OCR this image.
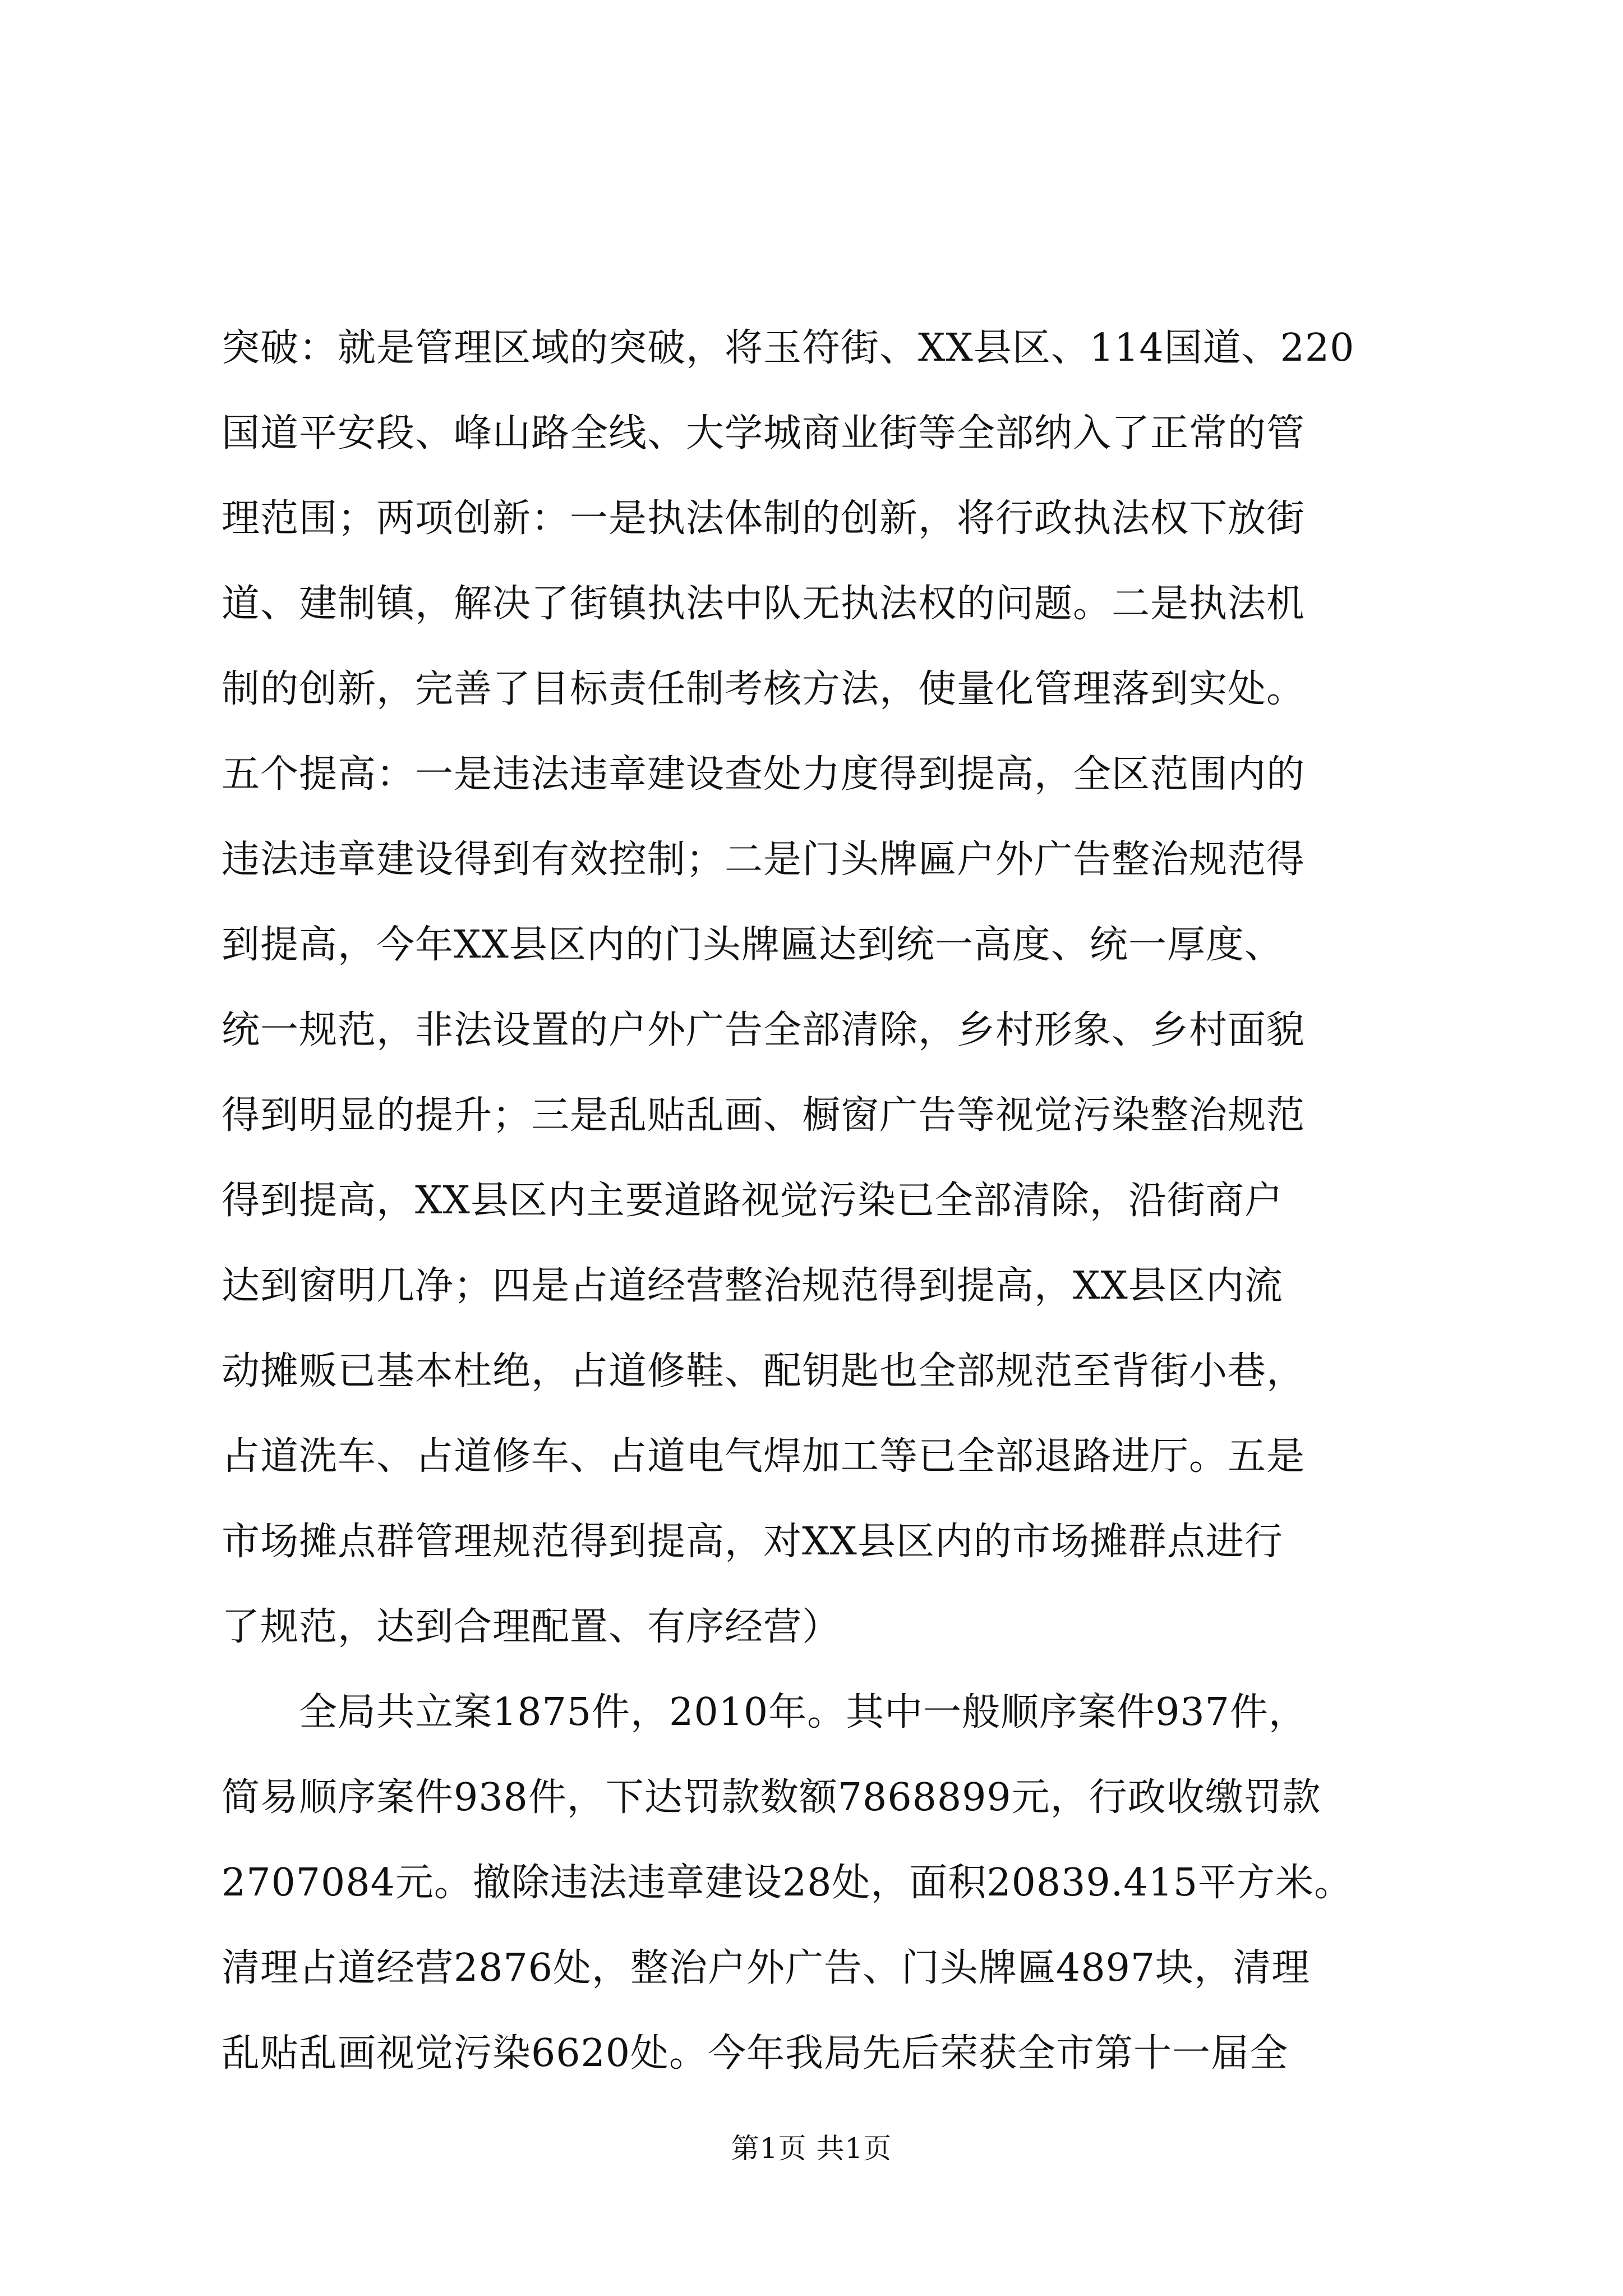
突破：就是管理区域的突破，将玉符街、XX县区、114国道、220
国道平安段、峰山路全线、大学城商业街等全部纳入了正常的管
理范围；两项创新：一是执法体制的创新，将行政执法权下放街
道、建制镇，解决了街镇执法中队无执法权的问题。二是执法机
制的创新，完善了目标责任制考核方法，使量化管理落到实处。
五个提高：一是违法违章建设查处力度得到提高，全区范围内的
违法违章建设得到有效控制；二是门头牌匾户外广告整治规范得
到提高，今年XX县区内的门头牌匾达到统一高度、统一厚度、
统一规范，非法设置的户外广告全部清除，乡村形象、乡村面貌
得到明显的提升；三是乱贴乱画、橱窗广告等视觉污染整治规范
得到提高，XX县区内主要道路视觉污染已全部清除，沿街商户
达到窗明几净；四是占道经营整治规范得到提高，XX县区内流
动摊贩已基本杜绝，占道修鞋、配钥匙也全部规范至背街小巷，
占道洗车、占道修车、占道电气焊加工等已全部退路进厅。五是
市场摊点群管理规范得到提高，对XX县区内的市场摊群点进行
了规范，达到合理配置、有序经营）

　　全局共立案1875件，2010年。其中一般顺序案件937件，
简易顺序案件938件，下达罚款数额7868899元，行政收缴罚款
2707084元。撤除违法违章建设28处，面积20839.415平方米。
清理占道经营2876处，整治户外广告、门头牌匾4897块，清理
乱贴乱画视觉污染6620处。今年我局先后荣获全市第十一届全

第1页 共1页
